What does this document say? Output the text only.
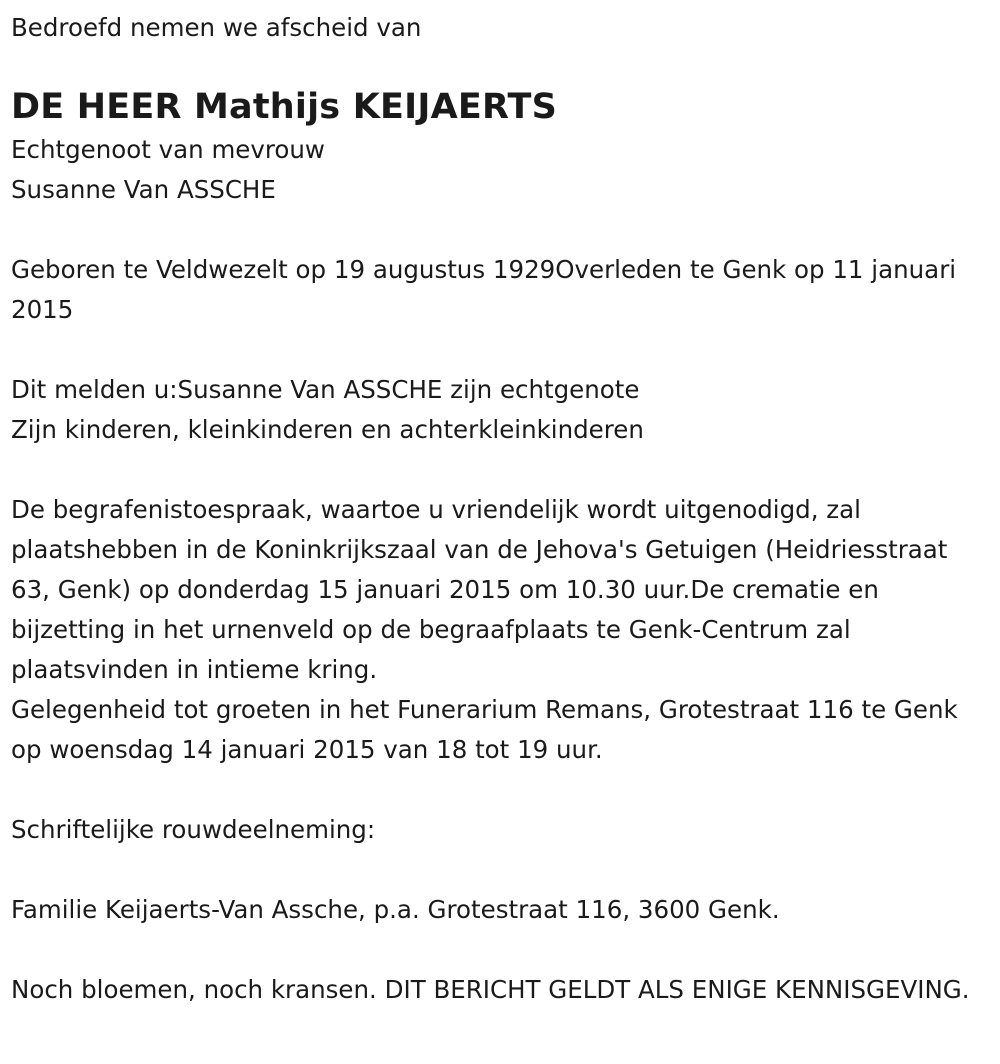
Bedroefd nemen we afscheid van

DE HEER Mathijs KEIJAERTS

Echtgenoot van mevrouw

Susanne Van ASSCHE

Geboren te Veldwezelt op 19 augustus 1929Overleden te Genk op 11 januari 2015

Dit melden u:Susanne Van ASSCHE zijn echtgenote

Zijn kinderen, kleinkinderen en achterkleinkinderen

De begrafenistoespraak, waartoe u vriendelijk wordt uitgenodigd, zal plaatshebben in de Koninkrijkszaal van de Jehova's Getuigen (Heidriesstraat 63, Genk) op donderdag 15 januari 2015 om 10.30 uur.De crematie en bijzetting in het urnenveld op de begraafplaats te Genk-Centrum zal plaatsvinden in intieme kring.

Gelegenheid tot groeten in het Funerarium Remans, Grotestraat 116 te Genk op woensdag 14 januari 2015 van 18 tot 19 uur.

Schriftelijke rouwdeelneming:

Familie Keijaerts-Van Assche, p.a. Grotestraat 116, 3600 Genk.

Noch bloemen, noch kransen. DIT BERICHT GELDT ALS ENIGE KENNISGEVING.
